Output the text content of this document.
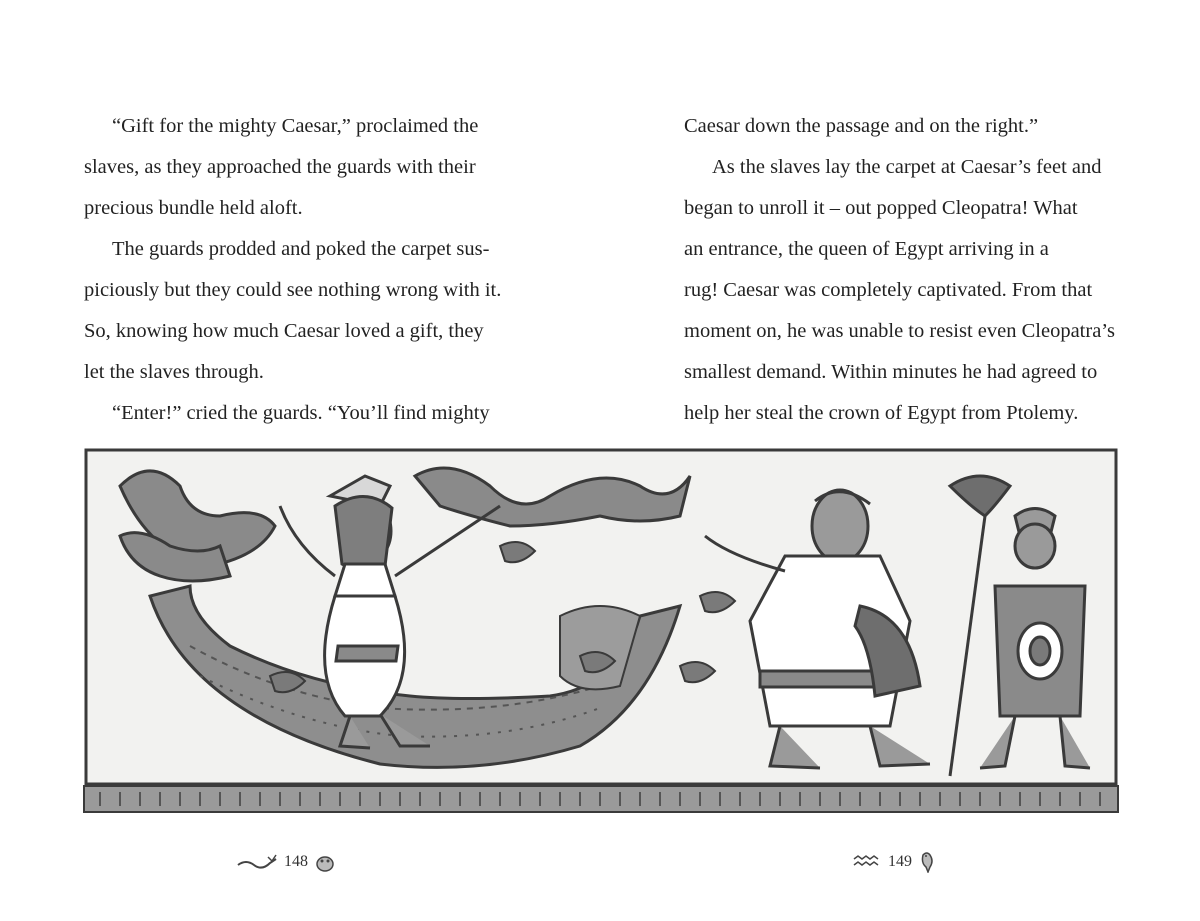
“Gift for the mighty Caesar,” proclaimed the
slaves, as they approached the guards with their
precious bundle held aloft.
The guards prodded and poked the carpet sus-
piciously but they could see nothing wrong with it.
So, knowing how much Caesar loved a gift, they
let the slaves through.
“Enter!” cried the guards. “You’ll find mighty
Caesar down the passage and on the right.”
As the slaves lay the carpet at Caesar’s feet and
began to unroll it – out popped Cleopatra! What
an entrance, the queen of Egypt arriving in a
rug! Caesar was completely captivated. From that
moment on, he was unable to resist even Cleopatra’s
smallest demand. Within minutes he had agreed to
help her steal the crown of Egypt from Ptolemy.
148	149
